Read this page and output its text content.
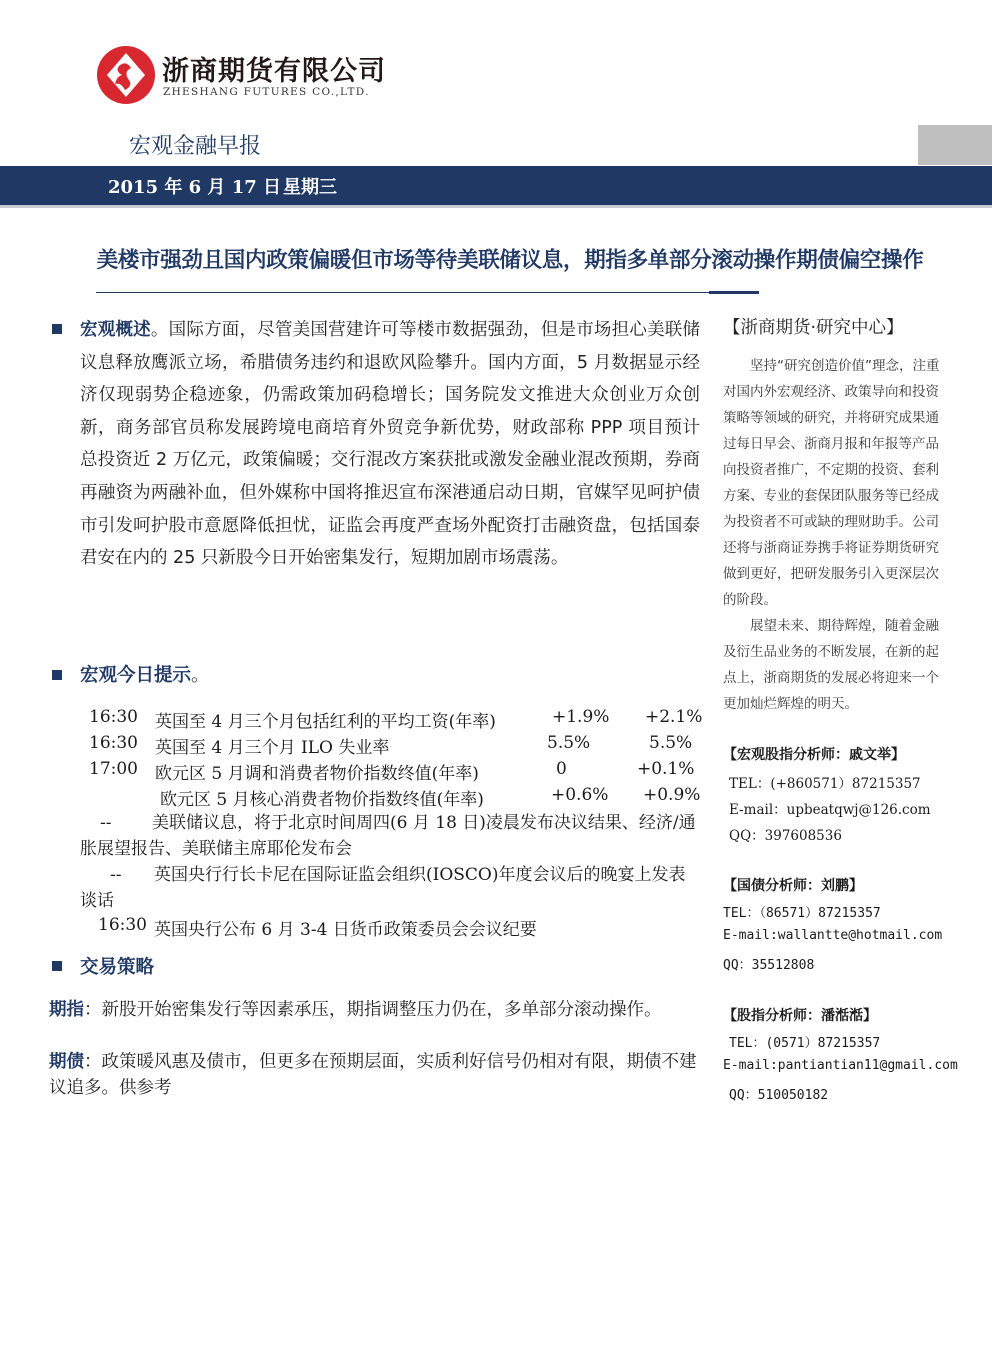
浙商期货有限公司
ZHESHANG FUTURES CO.,LTD.
宏观金融早报
2015 年 6 月 17 日 星期三
美楼市强劲且国内政策偏暖但市场等待美联储议息，期指多单部分滚动操作期债偏空操作
宏观概述。国际方面，尽管美国营建许可等楼市数据强劲，但是市场担心美联储议息释放鹰派立场，希腊债务违约和退欧风险攀升。国内方面，5 月数据显示经济仅现弱势企稳迹象，仍需政策加码稳增长；国务院发文推进大众创业万众创新，商务部官员称发展跨境电商培育外贸竞争新优势，财政部称 PPP 项目预计总投资近 2 万亿元，政策偏暖；交行混改方案获批或激发金融业混改预期，券商再融资为两融补血，但外媒称中国将推迟宣布深港通启动日期，官媒罕见呵护债市引发呵护股市意愿降低担忧，证监会再度严查场外配资打击融资盘，包括国泰君安在内的 25 只新股今日开始密集发行，短期加剧市场震荡。
宏观今日提示。
16:30 英国至 4 月三个月包括红利的平均工资(年率)	+1.9% +2.1%
16:30 英国至 4 月三个月 ILO 失业率	5.5%	5.5%
17:00 欧元区 5 月调和消费者物价指数终值(年率)	0	+0.1%
欧元区 5 月核心消费者物价指数终值(年率)	+0.6% +0.9%
-- 美联储议息，将于北京时间周四(6 月 18 日)凌晨发布决议结果、经济/通胀展望报告、美联储主席耶伦发布会
-- 英国央行行长卡尼在国际证监会组织(IOSCO)年度会议后的晚宴上发表谈话
16:30 英国央行公布 6 月 3-4 日货币政策委员会会议纪要
交易策略
期指：新股开始密集发行等因素承压，期指调整压力仍在，多单部分滚动操作。
期债：政策暖风惠及债市，但更多在预期层面，实质利好信号仍相对有限，期债不建议追多。供参考
【浙商期货·研究中心】

坚持“研究创造价值”理念，注重对国内外宏观经济、政策导向和投资策略等领域的研究，并将研究成果通过每日早会、浙商月报和年报等产品向投资者推广，不定期的投资、套利方案、专业的套保团队服务等已经成为投资者不可或缺的理财助手。公司还将与浙商证券携手将证券期货研究做到更好，把研发服务引入更深层次的阶段。

展望未来、期待辉煌，随着金融及衍生品业务的不断发展，在新的起点上，浙商期货的发展必将迎来一个更加灿烂辉煌的明天。

【宏观股指分析师：戚文举】
TEL：(+860571）87215357
E-mail：upbeatqwj@126.com
QQ：397608536
【国债分析师：刘鹏】
TEL：（86571）87215357
E-mail:wallantte@hotmail.com
QQ：35512808
【股指分析师：潘湉湉】
TEL：(0571）87215357
E-mail:pantiantian11@gmail.com
QQ：510050182
